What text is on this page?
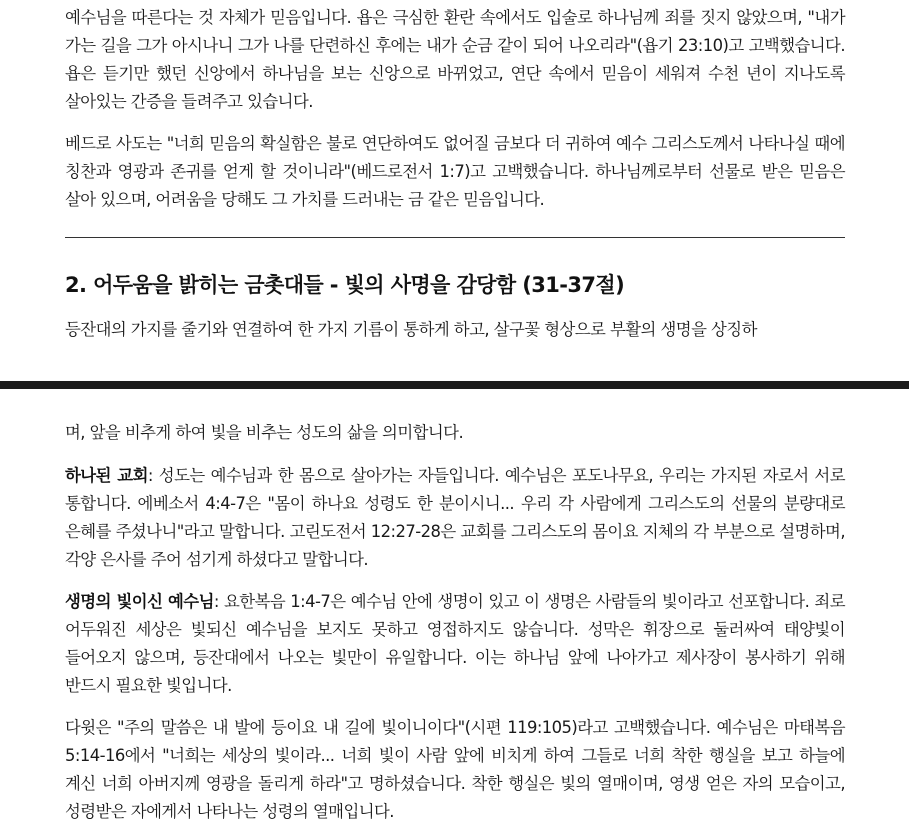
예수님을 따른다는 것 자체가 믿음입니다. 욥은 극심한 환란 속에서도 입술로 하나님께 죄를 짓지 않았으며, "내가 가는 길을 그가 아시나니 그가 나를 단련하신 후에는 내가 순금 같이 되어 나오리라"(욥기 23:10)고 고백했습니다. 욥은 듣기만 했던 신앙에서 하나님을 보는 신앙으로 바뀌었고, 연단 속에서 믿음이 세워져 수천 년이 지나도록 살아있는 간증을 들려주고 있습니다.

베드로 사도는 "너희 믿음의 확실함은 불로 연단하여도 없어질 금보다 더 귀하여 예수 그리스도께서 나타나실 때에 칭찬과 영광과 존귀를 얻게 할 것이니라"(베드로전서 1:7)고 고백했습니다. 하나님께로부터 선물로 받은 믿음은 살아 있으며, 어려움을 당해도 그 가치를 드러내는 금 같은 믿음입니다.

2. 어두움을 밝히는 금촛대들 - 빛의 사명을 감당함 (31-37절)

등잔대의 가지를 줄기와 연결하여 한 가지 기름이 통하게 하고, 살구꽃 형상으로 부활의 생명을 상징하

며, 앞을 비추게 하여 빛을 비추는 성도의 삶을 의미합니다.

하나된 교회: 성도는 예수님과 한 몸으로 살아가는 자들입니다. 예수님은 포도나무요, 우리는 가지된 자로서 서로 통합니다. 에베소서 4:4-7은 "몸이 하나요 성령도 한 분이시니... 우리 각 사람에게 그리스도의 선물의 분량대로 은혜를 주셨나니"라고 말합니다. 고린도전서 12:27-28은 교회를 그리스도의 몸이요 지체의 각 부분으로 설명하며, 각양 은사를 주어 섬기게 하셨다고 말합니다.

생명의 빛이신 예수님: 요한복음 1:4-7은 예수님 안에 생명이 있고 이 생명은 사람들의 빛이라고 선포합니다. 죄로 어두워진 세상은 빛되신 예수님을 보지도 못하고 영접하지도 않습니다. 성막은 휘장으로 둘러싸여 태양빛이 들어오지 않으며, 등잔대에서 나오는 빛만이 유일합니다. 이는 하나님 앞에 나아가고 제사장이 봉사하기 위해 반드시 필요한 빛입니다.

다윗은 "주의 말씀은 내 발에 등이요 내 길에 빛이니이다"(시편 119:105)라고 고백했습니다. 예수님은 마태복음 5:14-16에서 "너희는 세상의 빛이라... 너희 빛이 사람 앞에 비치게 하여 그들로 너희 착한 행실을 보고 하늘에 계신 너희 아버지께 영광을 돌리게 하라"고 명하셨습니다. 착한 행실은 빛의 열매이며, 영생 얻은 자의 모습이고, 성령받은 자에게서 나타나는 성령의 열매입니다.
